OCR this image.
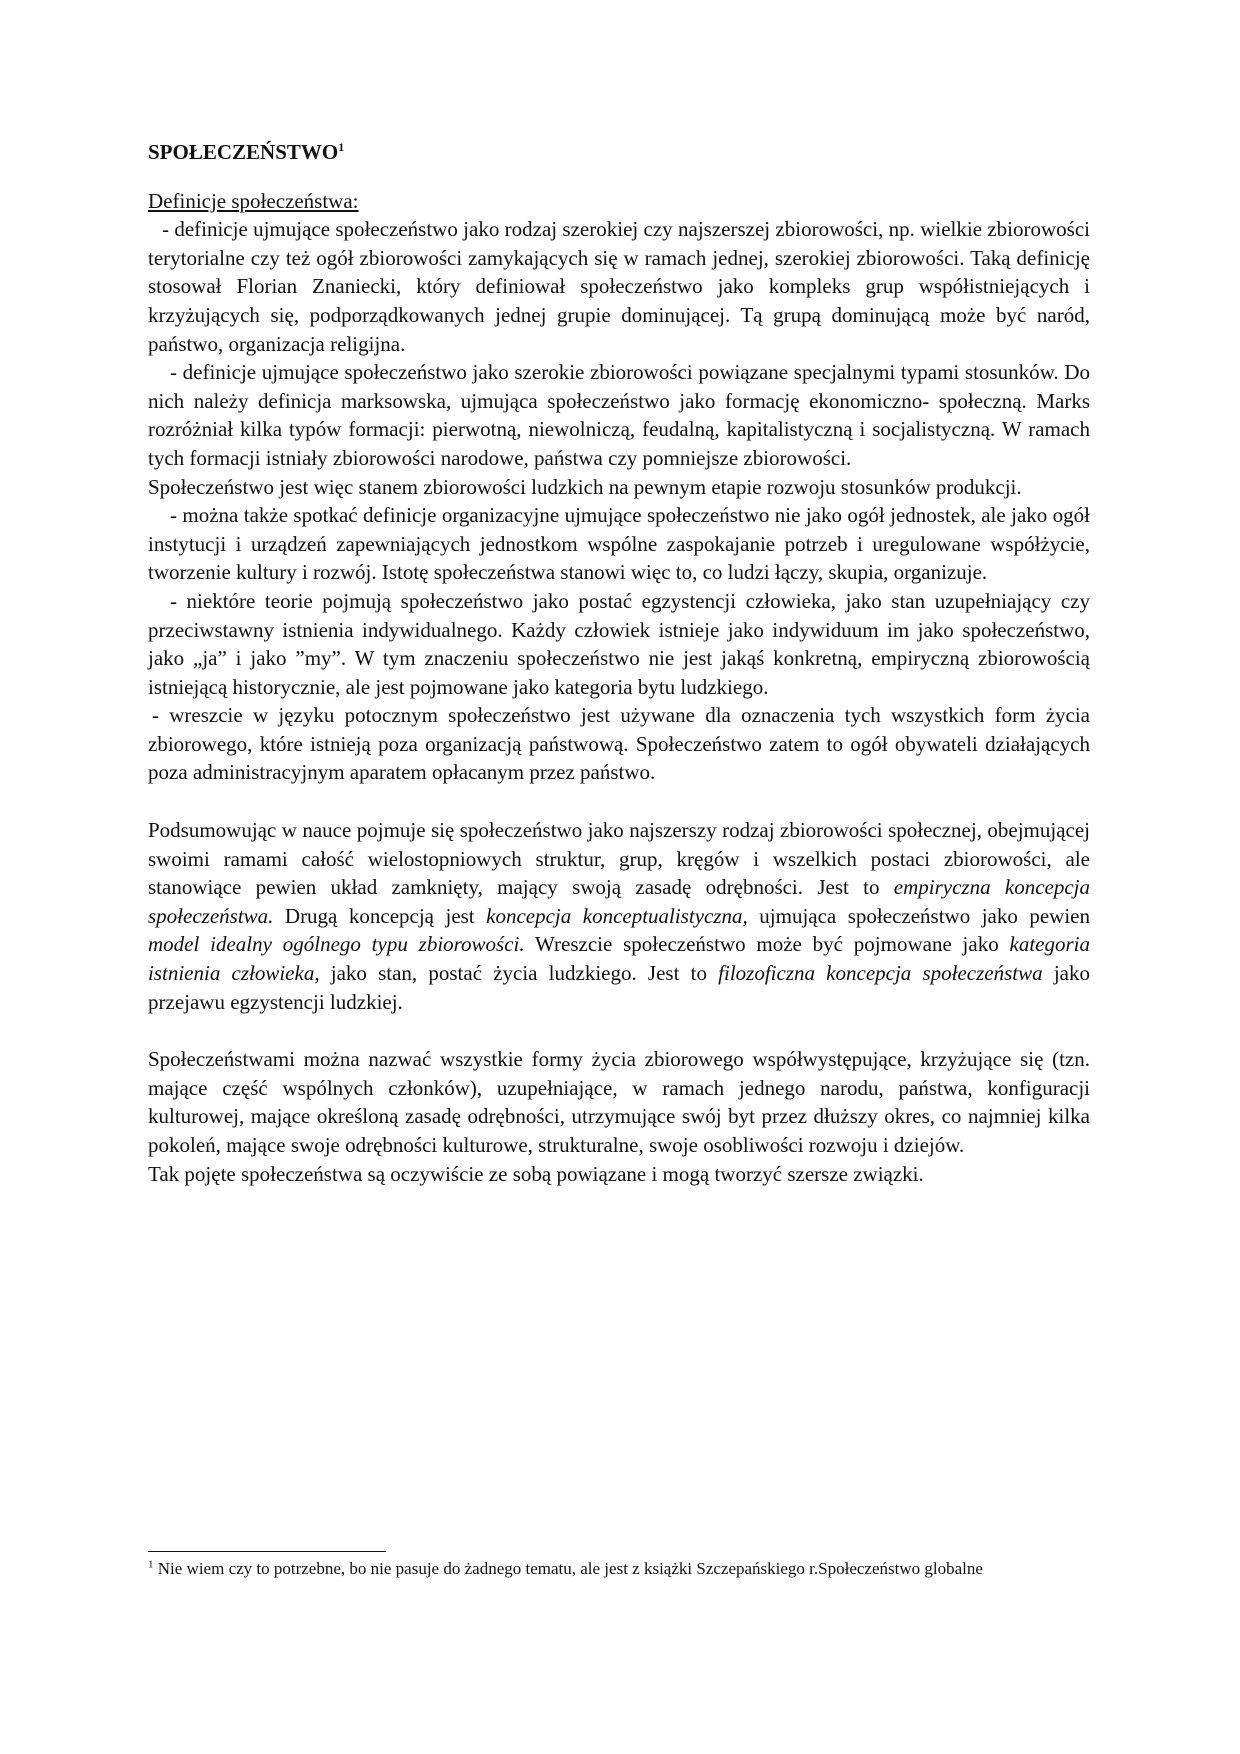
SPOŁECZEŃSTWO$^1$

Definicje społeczeństwa:

- definicje ujmujące społeczeństwo jako rodzaj szerokiej czy najszerszej zbiorowości, np. wielkie zbiorowości terytorialne czy też ogół zbiorowości zamykających się w ramach jednej, szerokiej zbiorowości. Taką definicję stosował Florian Znaniecki, który definiował społeczeństwo jako kompleks grup współistniejących i krzyżujących się, podporządkowanych jednej grupie dominującej. Tą grupą dominującą może być naród, państwo, organizacja religijna.

- definicje ujmujące społeczeństwo jako szerokie zbiorowości powiązane specjalnymi typami stosunków. Do nich należy definicja marksowska, ujmująca społeczeństwo jako formację ekonomiczno- społeczną. Marks rozróżniał kilka typów formacji: pierwotną, niewolniczą, feudalną, kapitalistyczną i socjalistyczną. W ramach tych formacji istniały zbiorowości narodowe, państwa czy pomniejsze zbiorowości.

Społeczeństwo jest więc stanem zbiorowości ludzkich na pewnym etapie rozwoju stosunków produkcji.

- można także spotkać definicje organizacyjne ujmujące społeczeństwo nie jako ogół jednostek, ale jako ogół instytucji i urządzeń zapewniających jednostkom wspólne zaspokajanie potrzeb i uregulowane współżycie, tworzenie kultury i rozwój. Istotę społeczeństwa stanowi więc to, co ludzi łączy, skupia, organizuje.

- niektóre teorie pojmują społeczeństwo jako postać egzystencji człowieka, jako stan uzupełniający czy przeciwstawny istnienia indywidualnego. Każdy człowiek istnieje jako indywiduum im jako społeczeństwo, jako „ja” i jako ”my”. W tym znaczeniu społeczeństwo nie jest jakąś konkretną, empiryczną zbiorowością istniejącą historycznie, ale jest pojmowane jako kategoria bytu ludzkiego.

- wreszcie w języku potocznym społeczeństwo jest używane dla oznaczenia tych wszystkich form życia zbiorowego, które istnieją poza organizacją państwową. Społeczeństwo zatem to ogół obywateli działających poza administracyjnym aparatem opłacanym przez państwo.

Podsumowując w nauce pojmuje się społeczeństwo jako najszerszy rodzaj zbiorowości społecznej, obejmującej swoimi ramami całość wielostopniowych struktur, grup, kręgów i wszelkich postaci zbiorowości, ale stanowiące pewien układ zamknięty, mający swoją zasadę odrębności. Jest to empiryczna koncepcja społeczeństwa. Drugą koncepcją jest koncepcja konceptualistyczna, ujmująca społeczeństwo jako pewien model idealny ogólnego typu zbiorowości. Wreszcie społeczeństwo może być pojmowane jako kategoria istnienia człowieka, jako stan, postać życia ludzkiego. Jest to filozoficzna koncepcja społeczeństwa jako przejawu egzystencji ludzkiej.

Społeczeństwami można nazwać wszystkie formy życia zbiorowego współwystępujące, krzyżujące się (tzn. mające część wspólnych członków), uzupełniające, w ramach jednego narodu, państwa, konfiguracji kulturowej, mające określoną zasadę odrębności, utrzymujące swój byt przez dłuższy okres, co najmniej kilka pokoleń, mające swoje odrębności kulturowe, strukturalne, swoje osobliwości rozwoju i dziejów.

Tak pojęte społeczeństwa są oczywiście ze sobą powiązane i mogą tworzyć szersze związki.

$^1$ Nie wiem czy to potrzebne, bo nie pasuje do żadnego tematu, ale jest z książki Szczepańskiego r.Społeczeństwo globalne
